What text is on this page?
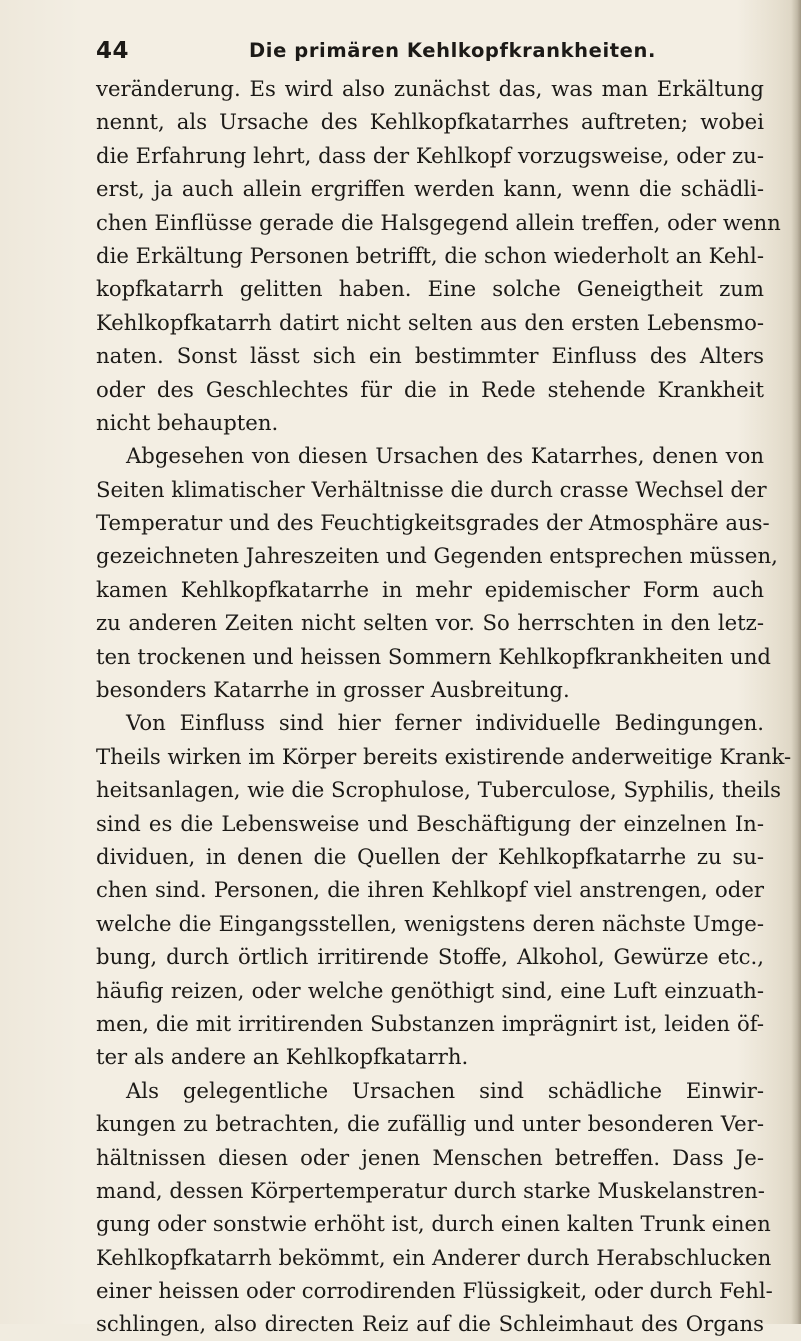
44	Die primären Kehlkopfkrankheiten.
veränderung. Es wird also zunächst das, was man Erkältung
nennt, als Ursache des Kehlkopfkatarrhes auftreten; wobei
die Erfahrung lehrt, dass der Kehlkopf vorzugsweise, oder zu-
erst, ja auch allein ergriffen werden kann, wenn die schädli-
chen Einflüsse gerade die Halsgegend allein treffen, oder wenn
die Erkältung Personen betrifft, die schon wiederholt an Kehl-
kopfkatarrh gelitten haben. Eine solche Geneigtheit zum
Kehlkopfkatarrh datirt nicht selten aus den ersten Lebensmo-
naten. Sonst lässt sich ein bestimmter Einfluss des Alters
oder des Geschlechtes für die in Rede stehende Krankheit
nicht behaupten.
Abgesehen von diesen Ursachen des Katarrhes, denen von
Seiten klimatischer Verhältnisse die durch crasse Wechsel der
Temperatur und des Feuchtigkeitsgrades der Atmosphäre aus-
gezeichneten Jahreszeiten und Gegenden entsprechen müssen,
kamen Kehlkopfkatarrhe in mehr epidemischer Form auch
zu anderen Zeiten nicht selten vor. So herrschten in den letz-
ten trockenen und heissen Sommern Kehlkopfkrankheiten und
besonders Katarrhe in grosser Ausbreitung.
Von Einfluss sind hier ferner individuelle Bedingungen.
Theils wirken im Körper bereits existirende anderweitige Krank-
heitsanlagen, wie die Scrophulose, Tuberculose, Syphilis, theils
sind es die Lebensweise und Beschäftigung der einzelnen In-
dividuen, in denen die Quellen der Kehlkopfkatarrhe zu su-
chen sind. Personen, die ihren Kehlkopf viel anstrengen, oder
welche die Eingangsstellen, wenigstens deren nächste Umge-
bung, durch örtlich irritirende Stoffe, Alkohol, Gewürze etc.,
häufig reizen, oder welche genöthigt sind, eine Luft einzuath-
men, die mit irritirenden Substanzen imprägnirt ist, leiden öf-
ter als andere an Kehlkopfkatarrh.
Als gelegentliche Ursachen sind schädliche Einwir-
kungen zu betrachten, die zufällig und unter besonderen Ver-
hältnissen diesen oder jenen Menschen betreffen. Dass Je-
mand, dessen Körpertemperatur durch starke Muskelanstren-
gung oder sonstwie erhöht ist, durch einen kalten Trunk einen
Kehlkopfkatarrh bekömmt, ein Anderer durch Herabschlucken
einer heissen oder corrodirenden Flüssigkeit, oder durch Fehl-
schlingen, also directen Reiz auf die Schleimhaut des Organs
